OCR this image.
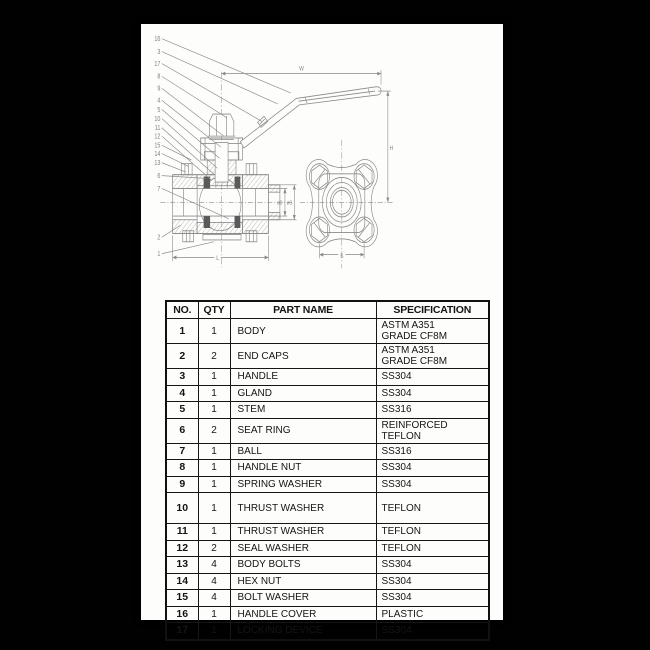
W
H
L	S
øD øG
16
3
17
8
9
4
5
10
11
12
15
14
13
6
7
2
1
NO.	QTY	PART NAME	SPECIFICATION
1	1	BODY	ASTM A351
GRADE CF8M
2	2	END CAPS	ASTM A351
GRADE CF8M
3	1	HANDLE	SS304
4	1	GLAND	SS304
5	1	STEM	SS316
6	2	SEAT RING	REINFORCED
TEFLON
7	1	BALL	SS316
8	1	HANDLE NUT	SS304
9	1	SPRING WASHER	SS304
10	1	THRUST WASHER	TEFLON
11	1	THRUST WASHER	TEFLON
12	2	SEAL WASHER	TEFLON
13	4	BODY BOLTS	SS304
14	4	HEX NUT	SS304
15	4	BOLT WASHER	SS304
16	1	HANDLE COVER	PLASTIC
17	1	LOCKING DEVICE	SS304
